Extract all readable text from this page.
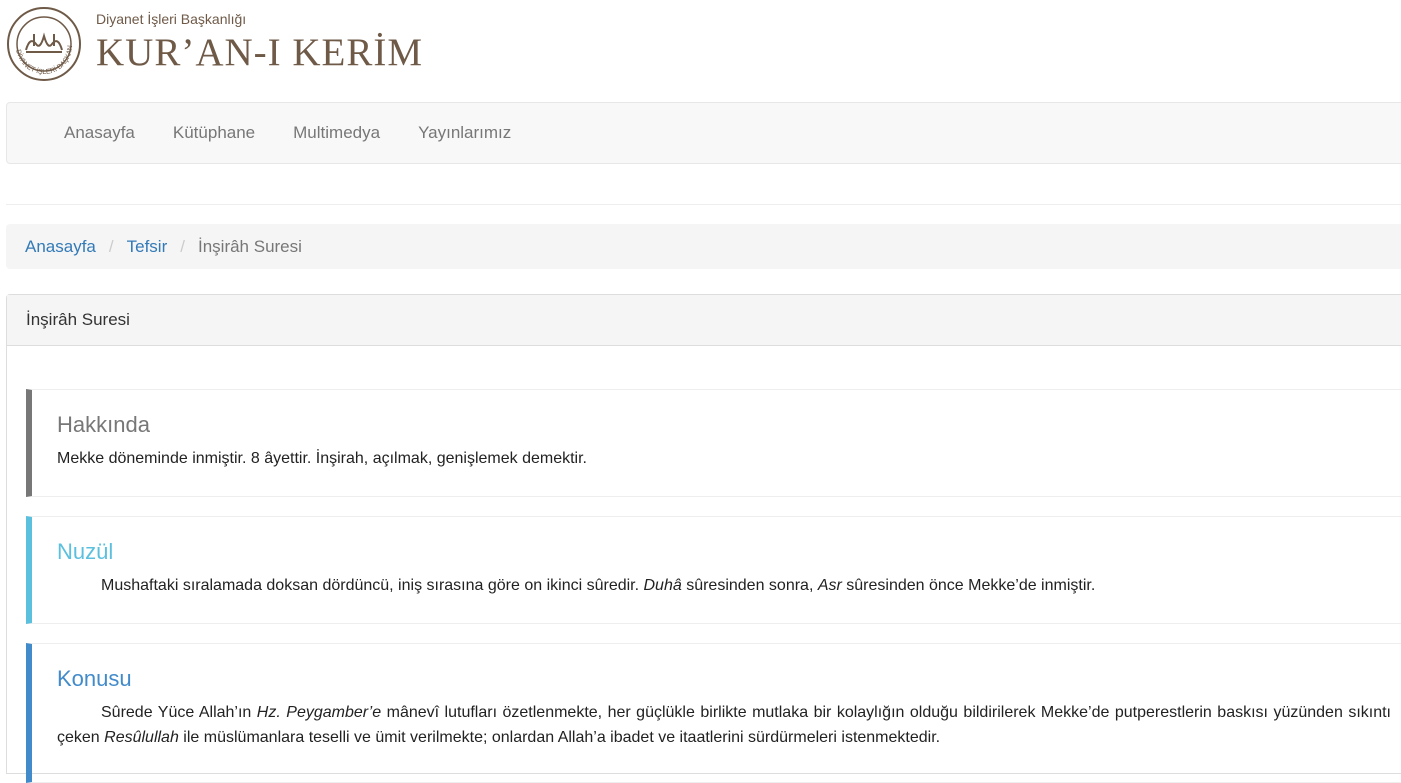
DİYANET İŞLERİ BAŞKAN
Diyanet İşleri Başkanlığı
KUR’AN-I KERİM
Anasayfa	Kütüphane	Multimedya	Yayınlarımız
Anasayfa / Tefsir / İnşirâh Suresi
İnşirâh Suresi
Hakkında

Mekke döneminde inmiştir. 8 âyettir. İnşirah, açılmak, genişlemek demektir.

Nuzül

Mushaftaki sıralamada doksan dördüncü, iniş sırasına göre on ikinci sûredir. Duhâ sûresinden sonra, Asr sûresinden önce Mekke’de inmiştir.

Konusu

Sûrede Yüce Allah’ın Hz. Peygamber’e mânevî lutufları özetlenmekte, her güçlükle birlikte mutlaka bir kolaylığın olduğu bildirilerek Mekke’de putperestlerin baskısı yüzünden sıkıntı çeken Resûlullah ile müslümanlara teselli ve ümit verilmekte; onlardan Allah’a ibadet ve itaatlerini sürdürmeleri istenmektedir.
